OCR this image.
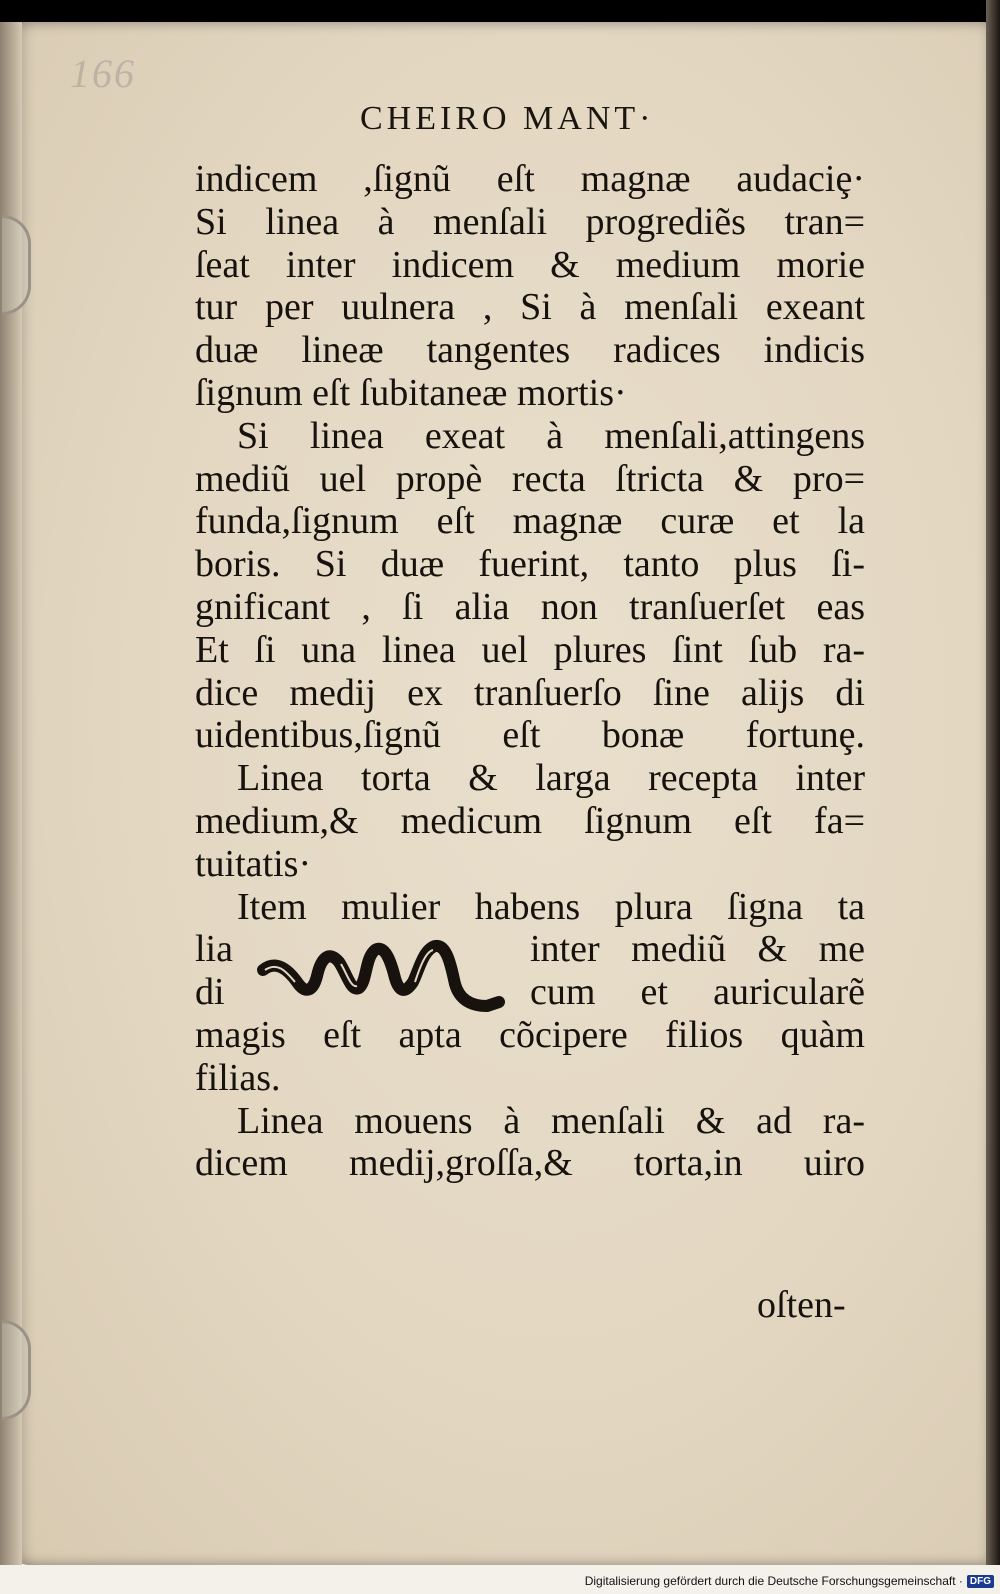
166
CHEIRO MANT·
indicem ,ſignũ eſt magnæ audaciȩ·
Si linea à menſali progrediẽs tran=
ſeat inter indicem & medium morie
tur per uulnera , Si à menſali exeant
duæ lineæ tangentes radices indicis
ſignum eſt ſubitaneæ mortis·
Si linea exeat à menſali,attingens
mediũ uel propè recta ſtricta & pro=
funda,ſignum eſt magnæ curæ et la
boris. Si duæ fuerint, tanto plus ſi-
gnificant , ſi alia non tranſuerſet eas
Et ſi una linea uel plures ſint ſub ra-
dice medij ex tranſuerſo ſine alijs di
uidentibus,ſignũ eſt bonæ fortunȩ.
Linea torta & larga recepta inter
medium,& medicum ſignum eſt fa=
tuitatis·
Item mulier habens plura ſigna ta
lia
di
inter mediũ & me
cum et auricularẽ
magis eſt apta cõcipere filios quàm
filias.
Linea mouens à menſali & ad ra-
dicem medij,groſſa,& torta,in uiro
oſten-
Digitalisierung gefördert durch die Deutsche Forschungsgemeinschaft · DFG
